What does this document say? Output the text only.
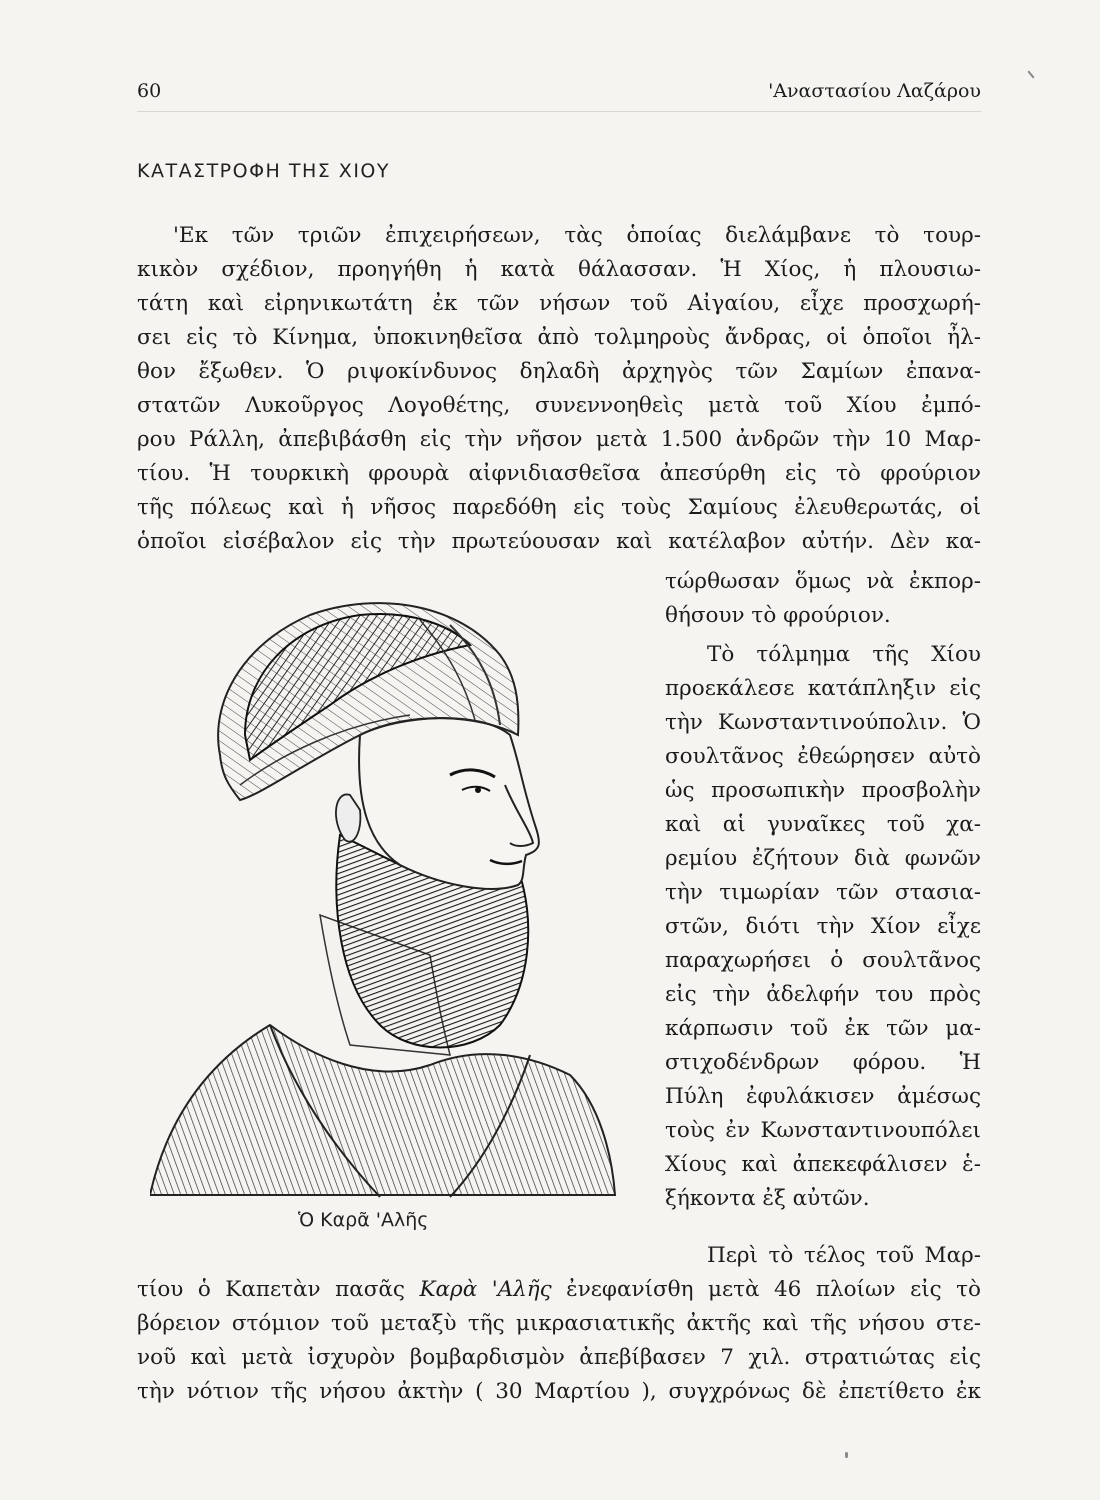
60	'Αναστασίου Λαζάρου
ΚΑΤΑΣΤΡΟΦΗ ΤΗΣ ΧΙΟΥ
'Εκ τῶν τριῶν ἐπιχειρήσεων, τὰς ὁποίας διελάμβανε τὸ τουρ-
κικὸν σχέδιον, προηγήθη ἡ κατὰ θάλασσαν. Ἡ Χίος, ἡ πλουσιω-
τάτη καὶ εἰρηνικωτάτη ἐκ τῶν νήσων τοῦ Αἰγαίου, εἶχε προσχωρή-
σει εἰς τὸ Κίνημα, ὑποκινηθεῖσα ἀπὸ τολμηροὺς ἄνδρας, οἱ ὁποῖοι ἦλ-
θον ἔξωθεν. Ὁ ριψοκίνδυνος δηλαδὴ ἀρχηγὸς τῶν Σαμίων ἐπανα-
στατῶν Λυκοῦργος Λογοθέτης, συνεννοηθεὶς μετὰ τοῦ Χίου ἐμπό-
ρου Ράλλη, ἀπεβιβάσθη εἰς τὴν νῆσον μετὰ 1.500 ἀνδρῶν τὴν 10 Μαρ-
τίου. Ἡ τουρκικὴ φρουρὰ αἰφνιδιασθεῖσα ἀπεσύρθη εἰς τὸ φρούριον
τῆς πόλεως καὶ ἡ νῆσος παρεδόθη εἰς τοὺς Σαμίους ἐλευθερωτάς, οἱ
ὁποῖοι εἰσέβαλον εἰς τὴν πρωτεύουσαν καὶ κατέλαβον αὐτήν. Δὲν κα-
τώρθωσαν ὅμως νὰ ἐκπορ-
θήσουν τὸ φρούριον.
Τὸ τόλμημα τῆς Χίου
προεκάλεσε κατάπληξιν εἰς
τὴν Κωνσταντινούπολιν. Ὁ
σουλτᾶνος ἐθεώρησεν αὐτὸ
ὡς προσωπικὴν προσβολὴν
καὶ αἱ γυναῖκες τοῦ χα-
ρεμίου ἐζήτουν διὰ φωνῶν
τὴν τιμωρίαν τῶν στασια-
στῶν, διότι τὴν Χίον εἶχε
παραχωρήσει ὁ σουλτᾶνος
εἰς τὴν ἀδελφήν του πρὸς
κάρπωσιν τοῦ ἐκ τῶν μα-
στιχοδένδρων φόρου. Ἡ
Πύλη ἐφυλάκισεν ἀμέσως
τοὺς ἐν Κωνσταντινουπόλει
Χίους καὶ ἀπεκεφάλισεν ἑ-
ξήκοντα ἐξ αὐτῶν.
Ὁ Καρᾶ 'Αλῆς
Περὶ τὸ τέλος τοῦ Μαρ-
τίου ὁ Καπετὰν πασᾶς Καρὰ 'Αλῆς ἐνεφανίσθη μετὰ 46 πλοίων εἰς τὸ
βόρειον στόμιον τοῦ μεταξὺ τῆς μικρασιατικῆς ἀκτῆς καὶ τῆς νήσου στε-
νοῦ καὶ μετὰ ἰσχυρὸν βομβαρδισμὸν ἀπεβίβασεν 7 χιλ. στρατιώτας εἰς
τὴν νότιον τῆς νήσου ἀκτὴν ( 30 Μαρτίου ), συγχρόνως δὲ ἐπετίθετο ἐκ
